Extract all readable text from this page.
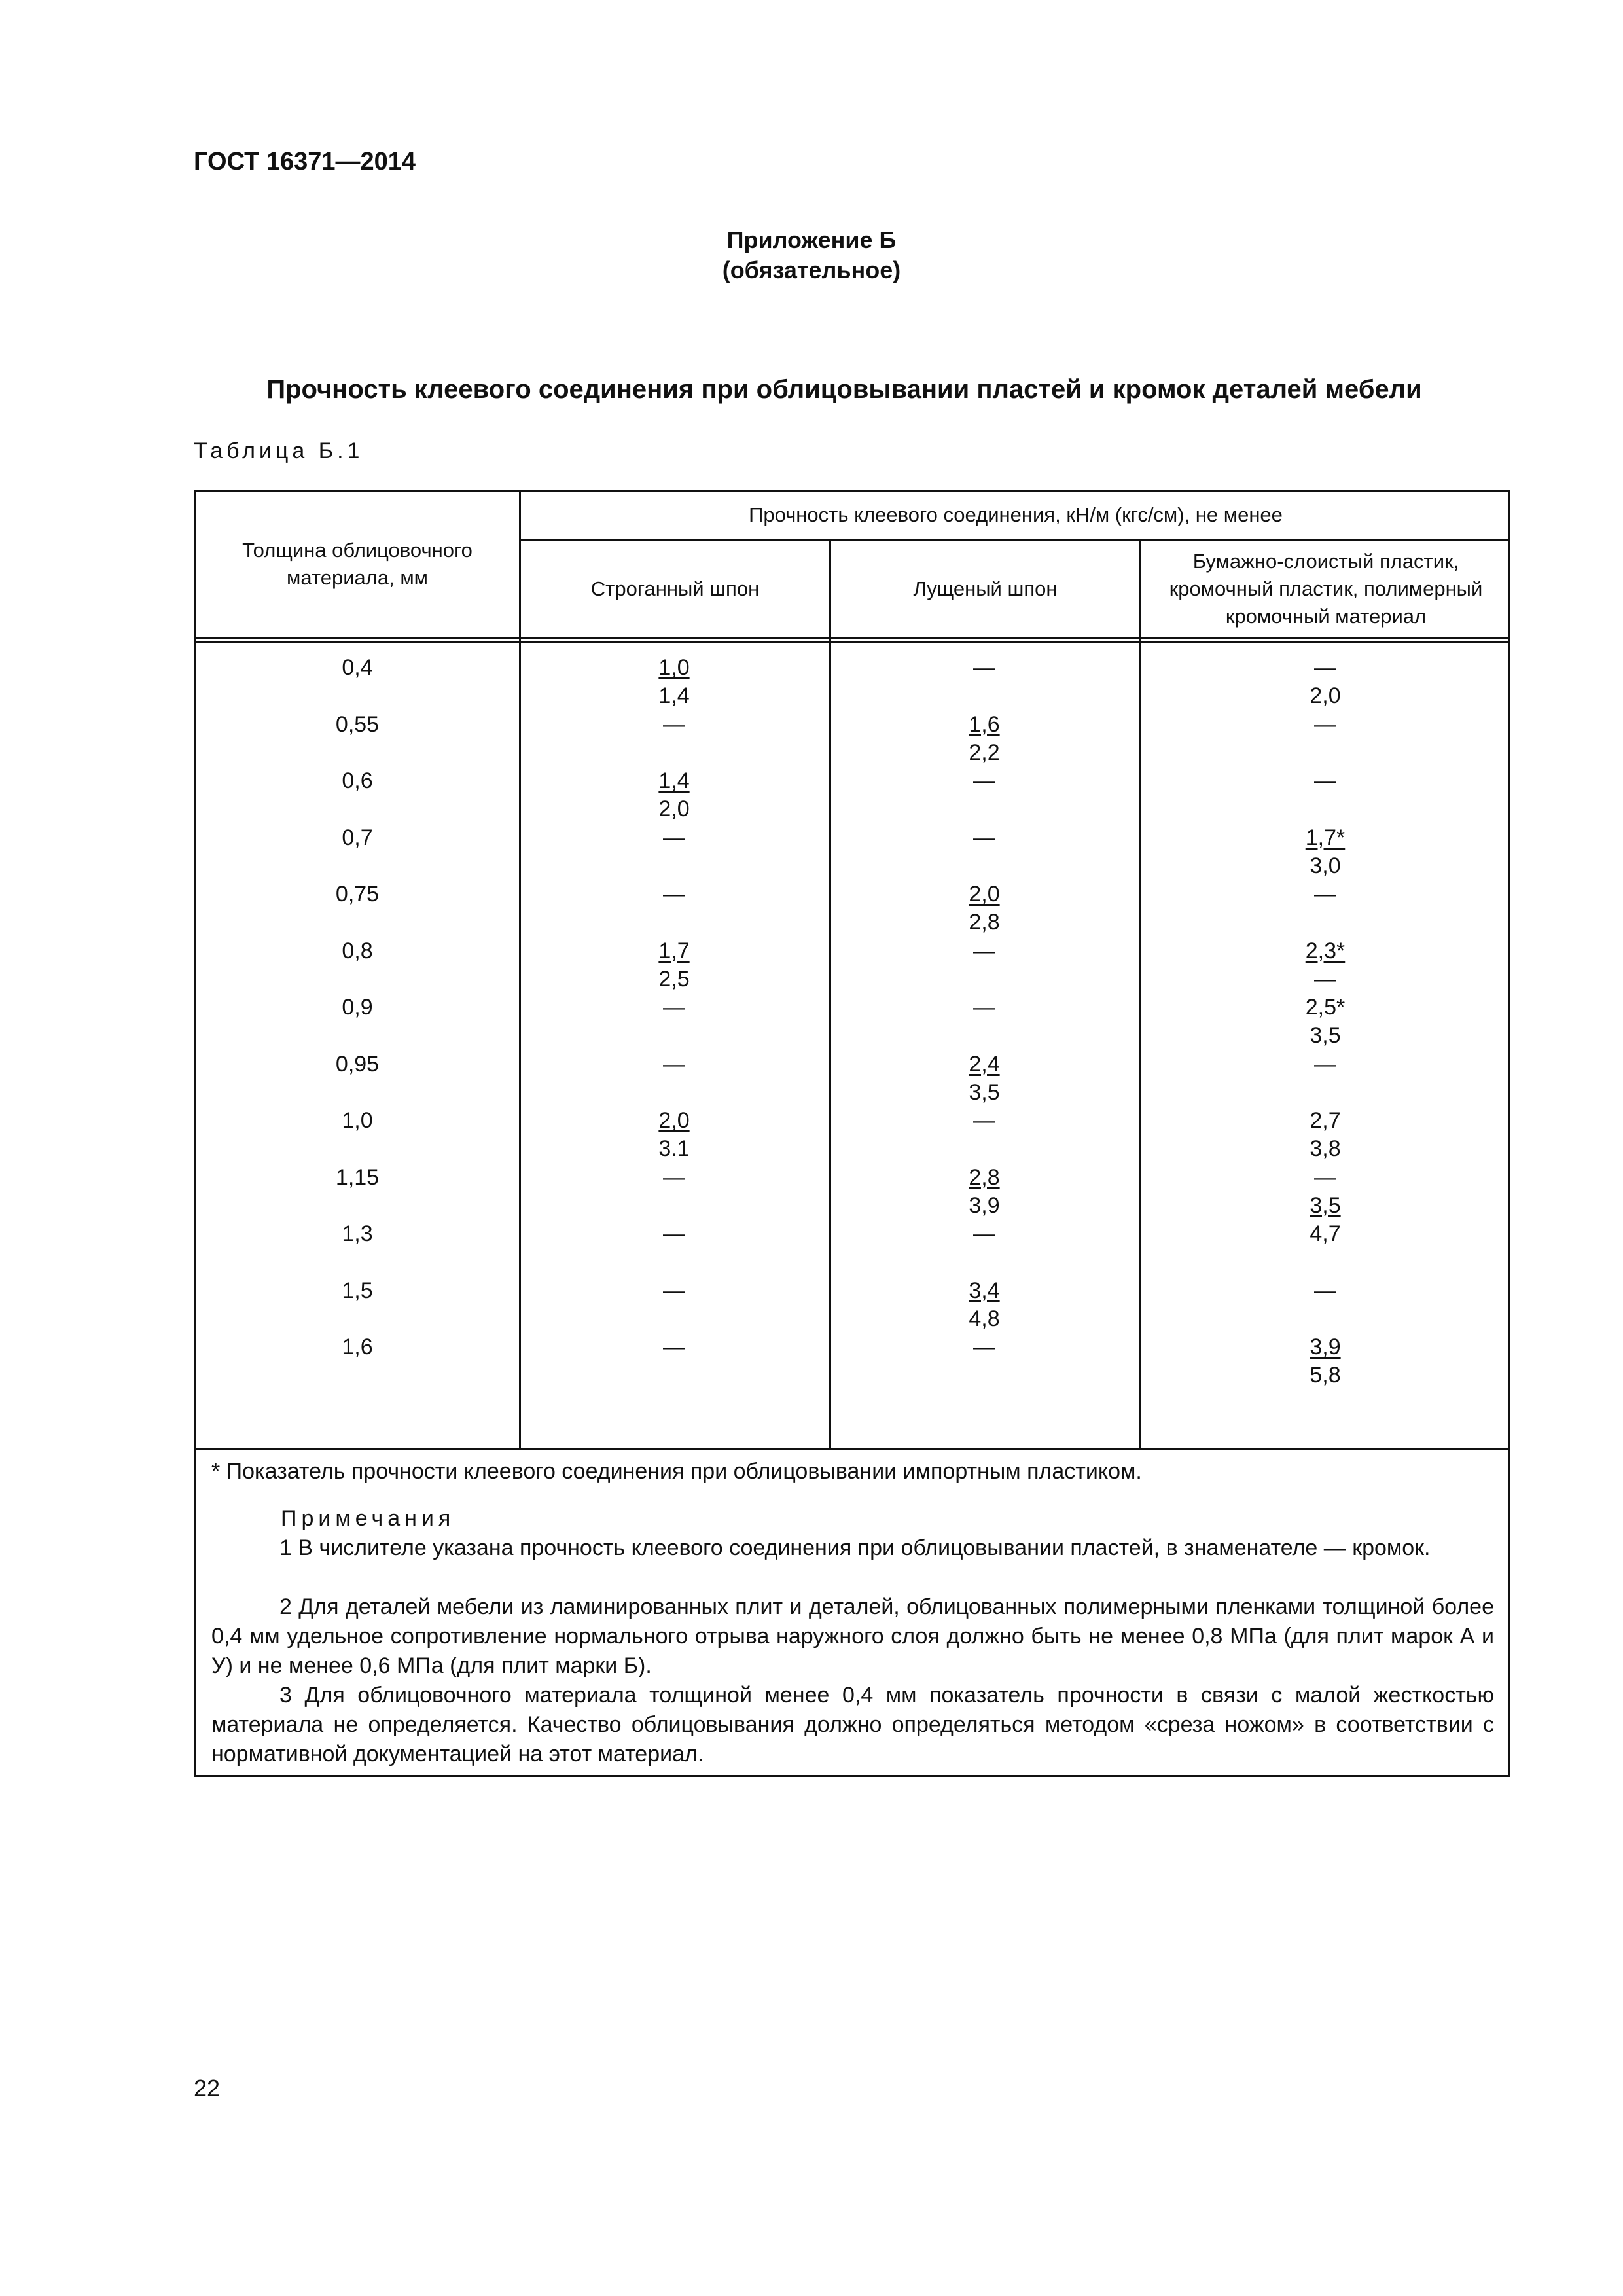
ГОСТ 16371—2014
Приложение Б
(обязательное)
Прочность клеевого соединения при облицовывании пластей и кромок деталей мебели
Таблица Б.1
Толщина облицовочного материала, мм
Прочность клеевого соединения, кН/м (кгс/см), не менее
Строганный шпон	Лущеный шпон
Бумажно-слоистый пластик, кромочный пластик, полимерный кромочный материал
0,4
0,55
0,6
0,7
0,75
0,8
0,9
0,95
1,0
1,15
1,3
1,5
1,6
1,0
1,4
—
1,4
2,0
—
—
1,7
2,5
—
—
2,0
3.1
—
—
—
—
—
1,6
2,2
—
—
2,0
2,8
—
—
2,4
3,5
—
2,8
3,9
—
3,4
4,8
—
—
2,0
—
—
1,7*
3,0
—
2,3*
—
2,5*
3,5
—
2,7
3,8
—
3,5
4,7
—
3,9
5,8
* Показатель прочности клеевого соединения при облицовывании импортным пластиком.
Примечания
1 В числителе указана прочность клеевого соединения при облицовывании пластей, в знаменателе — кромок.
2 Для деталей мебели из ламинированных плит и деталей, облицованных полимерными пленками толщиной более 0,4 мм удельное сопротивление нормального отрыва наружного слоя должно быть не менее 0,8 МПа (для плит марок А и У) и не менее 0,6 МПа (для плит марки Б).
3 Для облицовочного материала толщиной менее 0,4 мм показатель прочности в связи с малой жесткостью материала не определяется. Качество облицовывания должно определяться методом «среза ножом» в соответствии с нормативной документацией на этот материал.
22
